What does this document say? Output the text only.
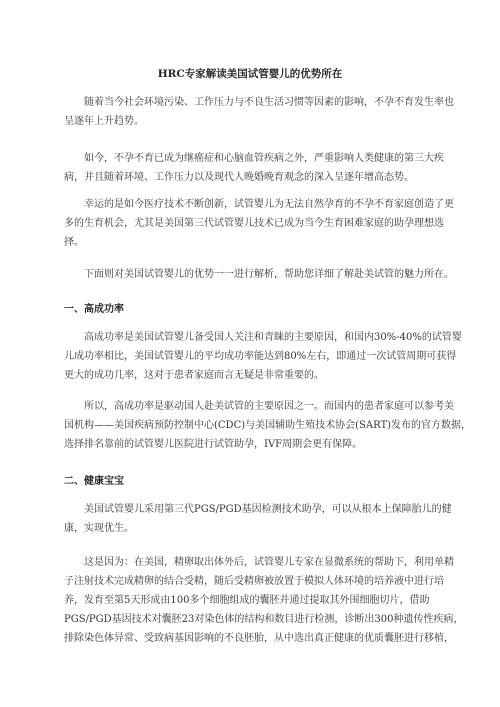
HRC专家解读美国试管婴儿的优势所在
随着当今社会环境污染、工作压力与不良生活习惯等因素的影响，不孕不育发生率也
呈逐年上升趋势。
如今，不孕不育已成为继癌症和心脑血管疾病之外，严重影响人类健康的第三大疾
病，并且随着环境、工作压力以及现代人晚婚晚育观念的深入呈逐年增高态势。
幸运的是如今医疗技术不断创新，试管婴儿为无法自然孕育的不孕不育家庭创造了更
多的生育机会，尤其是美国第三代试管婴儿技术已成为当今生育困难家庭的助孕理想选
择。
下面则对美国试管婴儿的优势一一进行解析，帮助您详细了解赴美试管的魅力所在。
一、高成功率
高成功率是美国试管婴儿备受国人关注和青睐的主要原因，和国内30%-40%的试管婴
儿成功率相比，美国试管婴儿的平均成功率能达到80%左右，即通过一次试管周期可获得
更大的成功几率，这对于患者家庭而言无疑是非常重要的。
所以，高成功率是驱动国人赴美试管的主要原因之一。而国内的患者家庭可以参考美
国机构——美国疾病预防控制中心(CDC)与美国辅助生殖技术协会(SART)发布的官方数据，
选择排名靠前的试管婴儿医院进行试管助孕，IVF周期会更有保障。
二、健康宝宝
美国试管婴儿采用第三代PGS/PGD基因检测技术助孕，可以从根本上保障胎儿的健
康，实现优生。
这是因为：在美国，精卵取出体外后，试管婴儿专家在显微系统的帮助下，利用单精
子注射技术完成精卵的结合受精，随后受精卵被放置于模拟人体环境的培养液中进行培
养，发育至第5天形成由100多个细胞组成的囊胚并通过提取其外围细胞切片，借助
PGS/PGD基因技术对囊胚23对染色体的结构和数目进行检测，诊断出300种遗传性疾病，
排除染色体异常、受致病基因影响的不良胚胎，从中选出真正健康的优质囊胚进行移植，
